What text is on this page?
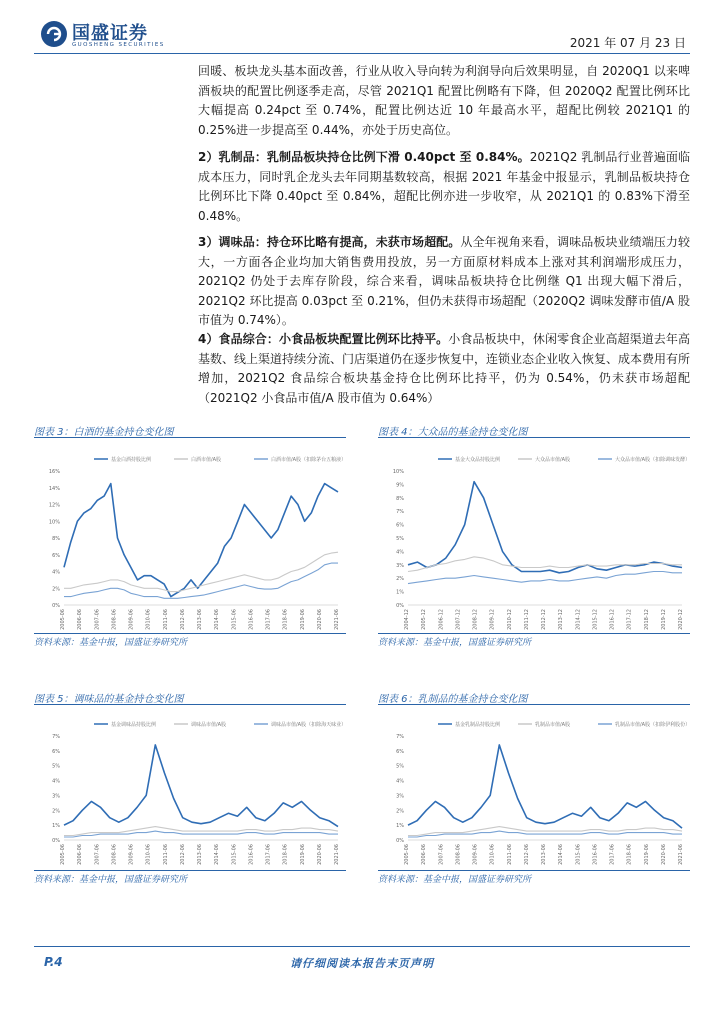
国盛证券
GUOSHENG SECURITIES	2021 年 07 月 23 日
回暖、板块龙头基本面改善，行业从收入导向转为利润导向后效果明显，自 2020Q1 以来啤酒板块的配置比例逐季走高，尽管 2021Q1 配置比例略有下降，但 2020Q2 配置比例环比大幅提高 0.24pct 至 0.74%，配置比例达近 10 年最高水平，超配比例较 2021Q1 的 0.25%进一步提高至 0.44%，亦处于历史高位。
2）乳制品：乳制品板块持仓比例下滑 0.40pct 至 0.84%。2021Q2 乳制品行业普遍面临成本压力，同时乳企龙头去年同期基数较高，根据 2021 年基金中报显示，乳制品板块持仓比例环比下降 0.40pct 至 0.84%，超配比例亦进一步收窄，从 2021Q1 的 0.83%下滑至 0.48%。
3）调味品：持仓环比略有提高，未获市场超配。从全年视角来看，调味品板块业绩端压力较大，一方面各企业均加大销售费用投放，另一方面原材料成本上涨对其利润端形成压力，2021Q2 仍处于去库存阶段，综合来看，调味品板块持仓比例继 Q1 出现大幅下滑后，2021Q2 环比提高 0.03pct 至 0.21%，但仍未获得市场超配（2020Q2 调味发酵市值/A 股市值为 0.74%）。
4）食品综合：小食品板块配置比例环比持平。小食品板块中，休闲零食企业高超渠道去年高基数、线上渠道持续分流、门店渠道仍在逐步恢复中，连锁业态企业收入恢复、成本费用有所增加，2021Q2 食品综合板块基金持仓比例环比持平，仍为 0.54%，仍未获市场超配（2021Q2 小食品市值/A 股市值为 0.64%）
图表 3：白酒的基金持仓变化图
基金白酒持股比例	白酒市值/A股	白酒市值/A股（扣除茅台五粮液）
0%
2%
4%
6%
8%
10%
12%
14%
16%
2005-06 2006-06 2007-06 2008-06 2009-06 2010-06 2011-06 2012-06 2013-06 2014-06 2015-06 2016-06 2017-06 2018-06 2019-06 2020-06 2021-06
资料来源：基金中报，国盛证券研究所
图表 4：大众品的基金持仓变化图
基金大众品持股比例	大众品市值/A股	大众品市值/A股（扣除调味发酵）
0%
1%
2%
3%
4%
5%
6%
7%
8%
9%
10%
2004-12 2005-12 2006-12 2007-12 2008-12 2009-12 2010-12 2011-12 2012-12 2013-12 2014-12 2015-12 2016-12 2017-12 2018-12 2019-12 2020-12
资料来源：基金中报，国盛证券研究所
图表 5：调味品的基金持仓变化图
基金调味品持股比例	调味品市值/A股	调味品市值/A股（扣除海天味业）
0%
1%
2%
3%
4%
5%
6%
7%
2005-06 2006-06 2007-06 2008-06 2009-06 2010-06 2011-06 2012-06 2013-06 2014-06 2015-06 2016-06 2017-06 2018-06 2019-06 2020-06 2021-06
资料来源：基金中报，国盛证券研究所
图表 6：乳制品的基金持仓变化图
基金乳制品持股比例	乳制品市值/A股	乳制品市值/A股（扣除伊利股份）
0%
1%
2%
3%
4%
5%
6%
7%
2005-06 2006-06 2007-06 2008-06 2009-06 2010-06 2011-06 2012-06 2013-06 2014-06 2015-06 2016-06 2017-06 2018-06 2019-06 2020-06 2021-06
资料来源：基金中报，国盛证券研究所
P.4	请仔细阅读本报告末页声明
